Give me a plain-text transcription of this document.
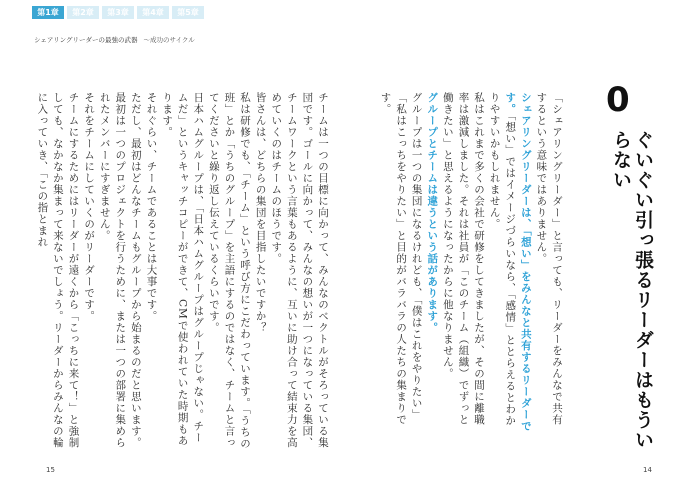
第1章	第2章	第3章	第4章	第5章
シェアリングリーダーの最強の武器 〜成功のサイクル

チームは一つの目標に向かって、みんなのベクトルがそろっている集団です。ゴールに向かって、みんなの想いが一つになっている集団、チームワークという言葉もあるように、互いに助け合って結束力を高めていくのはチームのほうです。

皆さんは、どちらの集団を目指したいですか？

私は研修でも、「チーム」という呼び方にこだわっています。「うちの班」とか「うちのグループ」を主語にするのではなく、チームと言ってくださいと繰り返し伝えているくらいです。

日本ハムグループは、「日本ハムグループはグループじゃない。チームだ」というキャッチコピーができて、CMで使われていた時期もあります。

それぐらい、チームであることは大事です。

ただし、最初はどんなチームもグループから始まるのだと思います。最初は一つのプロジェクトを行うために、または一つの部署に集められたメンバーにすぎません。

それをチームにしていくのがリーダーです。

チームにするためにはリーダーが遠くから「こっちに来て！」と強制しても、なかなか集まって来ないでしょう。リーダーからみんなの輪に入っていき、「この指とまれ	「シェアリングリーダー」と言っても、リーダーをみんなで共有するという意味ではありません。

シェアリングリーダーは、「想い」をみんなと共有するリーダーです。「想い」ではイメージづらいなら、「感情」ととらえるとわかりやすいかもしれません。

私はこれまで多くの会社で研修をしてきましたが、その間に離職率は激減しました。それは社員が「このチーム（組織）でずっと働きたい」と思えるようになったからに他なりません。

グループとチームは違うという話があります。

グループは一つの集団になるけれども、「僕はこれをやりたい」「私はこっちをやりたい」と目的がバラバラの人たちの集まりです。	0
ぐいぐい引っ張るリーダーはもういらない
15	14
